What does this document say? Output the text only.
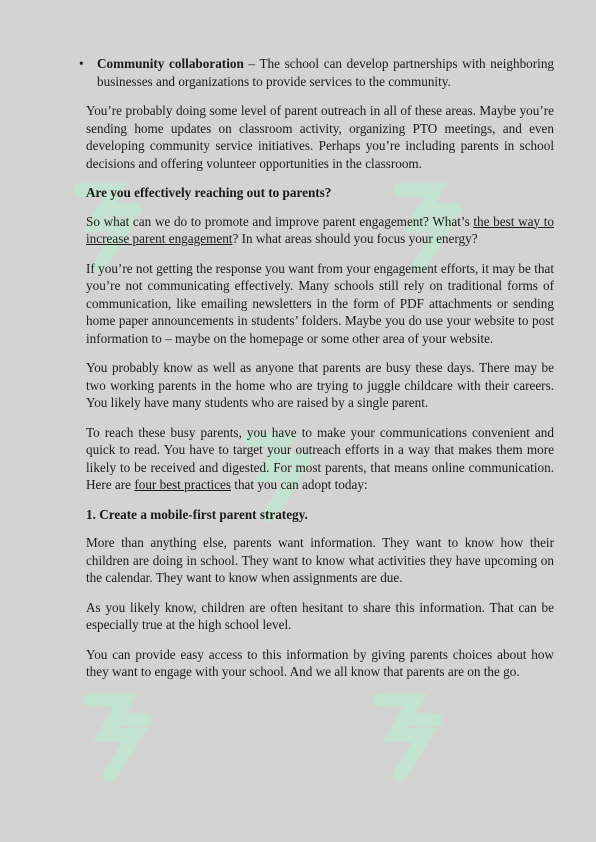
• Community collaboration – The school can develop partnerships with neighboring businesses and organizations to provide services to the community.

You’re probably doing some level of parent outreach in all of these areas. Maybe you’re sending home updates on classroom activity, organizing PTO meetings, and even developing community service initiatives. Perhaps you’re including parents in school decisions and offering volunteer opportunities in the classroom.

Are you effectively reaching out to parents?

So what can we do to promote and improve parent engagement? What’s the best way to increase parent engagement? In what areas should you focus your energy?

If you’re not getting the response you want from your engagement efforts, it may be that you’re not communicating effectively. Many schools still rely on traditional forms of communication, like emailing newsletters in the form of PDF attachments or sending home paper announcements in students’ folders. Maybe you do use your website to post information to – maybe on the homepage or some other area of your website.

You probably know as well as anyone that parents are busy these days. There may be two working parents in the home who are trying to juggle childcare with their careers. You likely have many students who are raised by a single parent.

To reach these busy parents, you have to make your communications convenient and quick to read. You have to target your outreach efforts in a way that makes them more likely to be received and digested. For most parents, that means online communication. Here are four best practices that you can adopt today:

1. Create a mobile-first parent strategy.

More than anything else, parents want information. They want to know how their children are doing in school. They want to know what activities they have upcoming on the calendar. They want to know when assignments are due.

As you likely know, children are often hesitant to share this information. That can be especially true at the high school level.

You can provide easy access to this information by giving parents choices about how they want to engage with your school. And we all know that parents are on the go.
